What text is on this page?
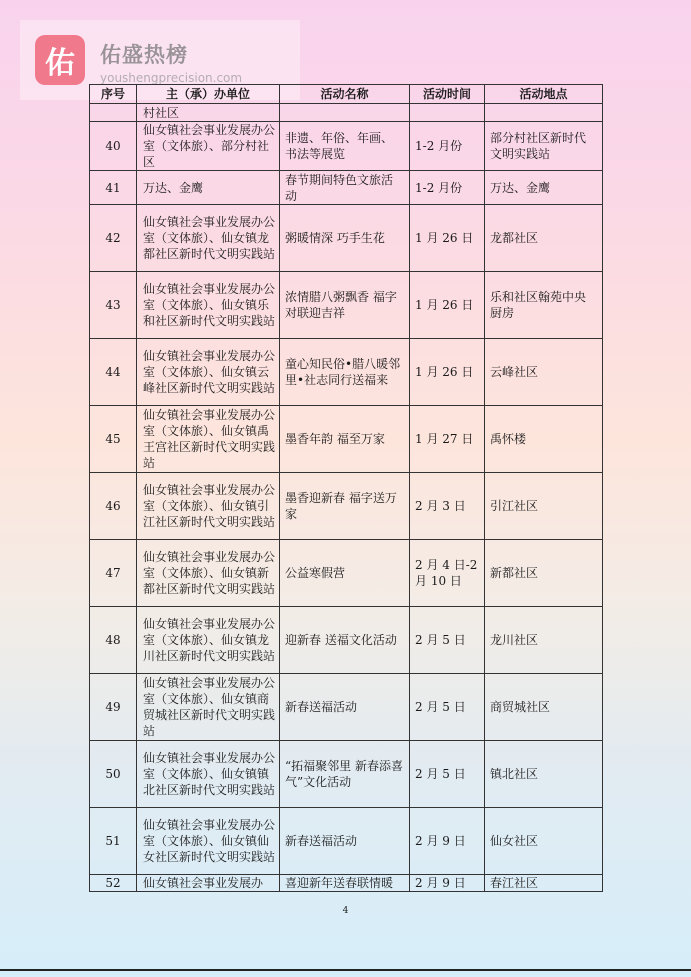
佑	佑盛热榜
youshengprecision.com
序号	主（承）办单位	活动名称	活动时间	活动地点
	村社区			
40	仙女镇社会事业发展办公室（文体旅）、部分村社区	非遗、年俗、年画、书法等展览	1-2 月份	部分村社区新时代文明实践站
41	万达、金鹰	春节期间特色文旅活动	1-2 月份	万达、金鹰
42	仙女镇社会事业发展办公室（文体旅）、仙女镇龙都社区新时代文明实践站	粥暖情深 巧手生花	1 月 26 日	龙都社区
43	仙女镇社会事业发展办公室（文体旅）、仙女镇乐和社区新时代文明实践站	浓情腊八粥飘香 福字对联迎吉祥	1 月 26 日	乐和社区翰苑中央厨房
44	仙女镇社会事业发展办公室（文体旅）、仙女镇云峰社区新时代文明实践站	童心知民俗•腊八暖邻里•社志同行送福来	1 月 26 日	云峰社区
45	仙女镇社会事业发展办公室（文体旅）、仙女镇禹王宫社区新时代文明实践站	墨香年韵 福至万家	1 月 27 日	禹怀楼
46	仙女镇社会事业发展办公室（文体旅）、仙女镇引江社区新时代文明实践站	墨香迎新春 福字送万家	2 月 3 日	引江社区
47	仙女镇社会事业发展办公室（文体旅）、仙女镇新都社区新时代文明实践站	公益寒假营	2 月 4 日-2 月 10 日	新都社区
48	仙女镇社会事业发展办公室（文体旅）、仙女镇龙川社区新时代文明实践站	迎新春 送福文化活动	2 月 5 日	龙川社区
49	仙女镇社会事业发展办公室（文体旅）、仙女镇商贸城社区新时代文明实践站	新春送福活动	2 月 5 日	商贸城社区
50	仙女镇社会事业发展办公室（文体旅）、仙女镇镇北社区新时代文明实践站	“拓福聚邻里 新春添喜气”文化活动	2 月 5 日	镇北社区
51	仙女镇社会事业发展办公室（文体旅）、仙女镇仙女社区新时代文明实践站	新春送福活动	2 月 9 日	仙女社区
52	仙女镇社会事业发展办	喜迎新年送春联情暖	2 月 9 日	春江社区
4
